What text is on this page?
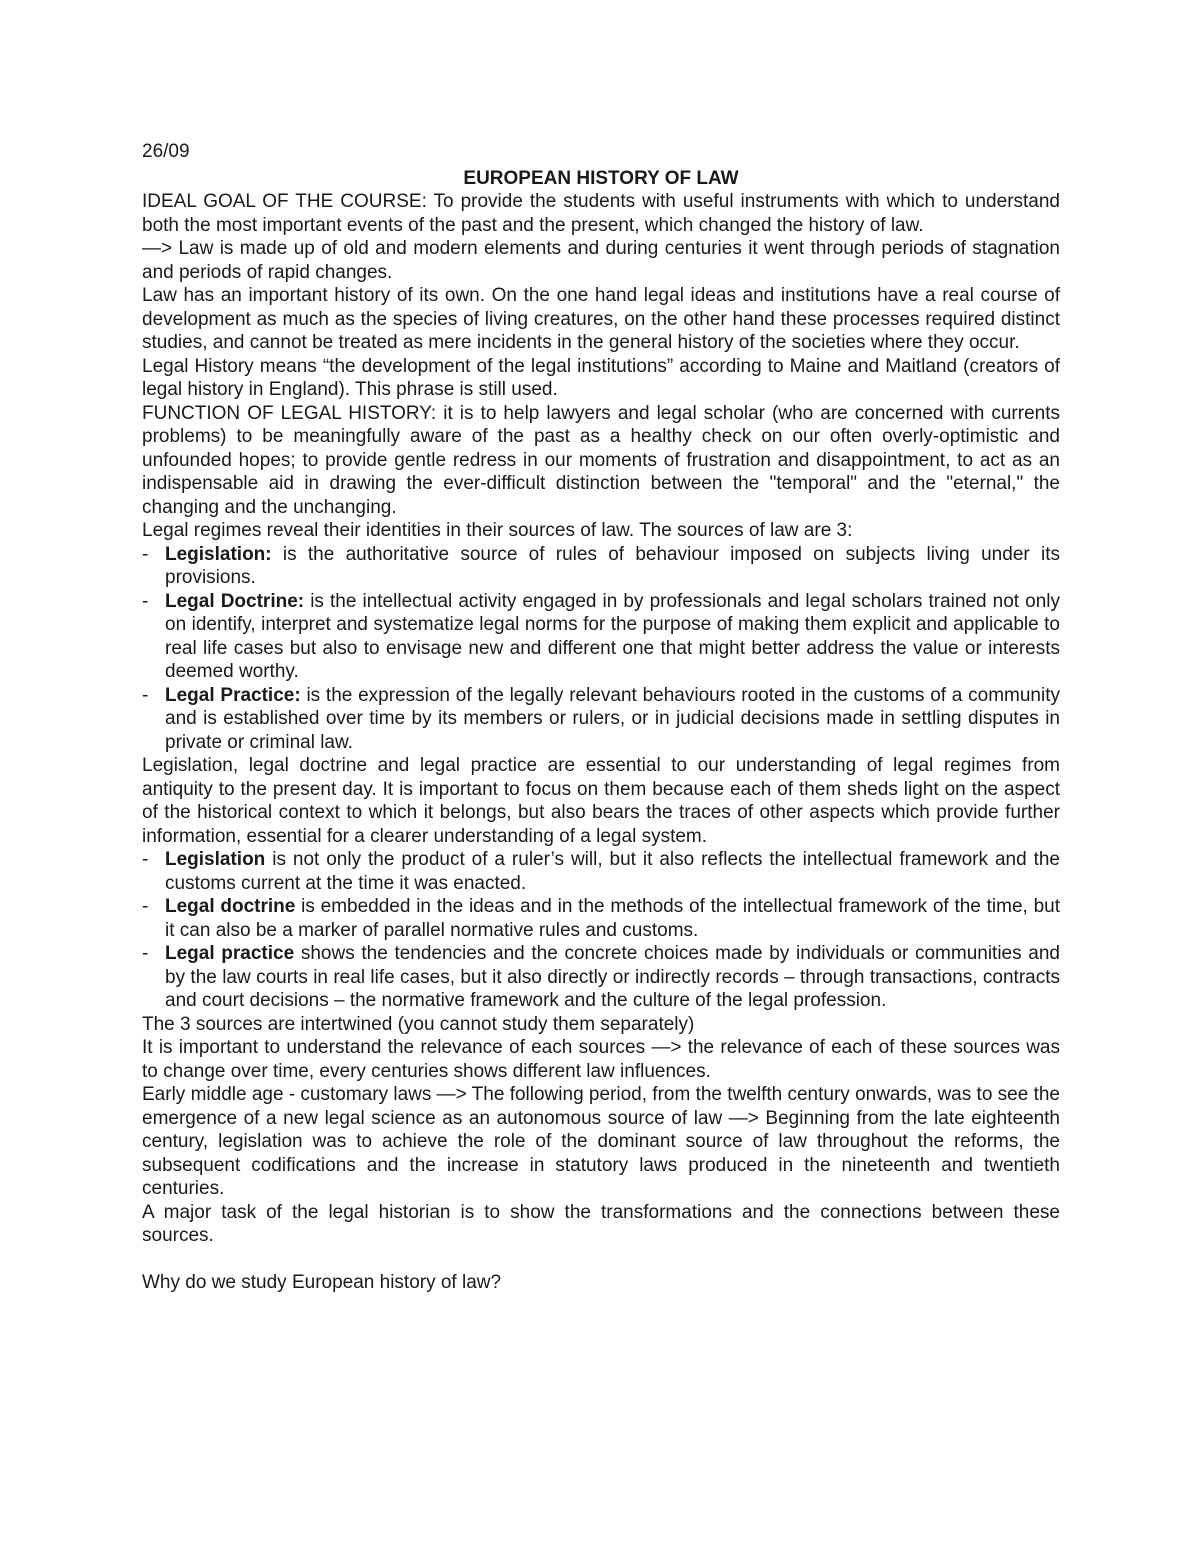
26/09
EUROPEAN HISTORY OF LAW

IDEAL GOAL OF THE COURSE: To provide the students with useful instruments with which to understand both the most important events of the past and the present, which changed the history of law.

—> Law is made up of old and modern elements and during centuries it went through periods of stagnation and periods of rapid changes.

Law has an important history of its own. On the one hand legal ideas and institutions have a real course of development as much as the species of living creatures, on the other hand these processes required distinct studies, and cannot be treated as mere incidents in the general history of the societies where they occur.

Legal History means “the development of the legal institutions” according to Maine and Maitland (creators of legal history in England). This phrase is still used.

FUNCTION OF LEGAL HISTORY: it is to help lawyers and legal scholar (who are concerned with currents problems) to be meaningfully aware of the past as a healthy check on our often overly-optimistic and unfounded hopes; to provide gentle redress in our moments of frustration and disappointment, to act as an indispensable aid in drawing the ever-difficult distinction between the "temporal" and the "eternal," the changing and the unchanging.

Legal regimes reveal their identities in their sources of law. The sources of law are 3:

- Legislation: is the authoritative source of rules of behaviour imposed on subjects living under its provisions.
- Legal Doctrine: is the intellectual activity engaged in by professionals and legal scholars trained not only on identify, interpret and systematize legal norms for the purpose of making them explicit and applicable to real life cases but also to envisage new and different one that might better address the value or interests deemed worthy.
- Legal Practice: is the expression of the legally relevant behaviours rooted in the customs of a community and is established over time by its members or rulers, or in judicial decisions made in settling disputes in private or criminal law.

Legislation, legal doctrine and legal practice are essential to our understanding of legal regimes from antiquity to the present day. It is important to focus on them because each of them sheds light on the aspect of the historical context to which it belongs, but also bears the traces of other aspects which provide further information, essential for a clearer understanding of a legal system.

- Legislation is not only the product of a ruler’s will, but it also reflects the intellectual framework and the customs current at the time it was enacted.
- Legal doctrine is embedded in the ideas and in the methods of the intellectual framework of the time, but it can also be a marker of parallel normative rules and customs.
- Legal practice shows the tendencies and the concrete choices made by individuals or communities and by the law courts in real life cases, but it also directly or indirectly records – through transactions, contracts and court decisions – the normative framework and the culture of the legal profession.

The 3 sources are intertwined (you cannot study them separately)

It is important to understand the relevance of each sources —> the relevance of each of these sources was to change over time, every centuries shows different law influences.

Early middle age - customary laws —> The following period, from the twelfth century onwards, was to see the emergence of a new legal science as an autonomous source of law —> Beginning from the late eighteenth century, legislation was to achieve the role of the dominant source of law throughout the reforms, the subsequent codifications and the increase in statutory laws produced in the nineteenth and twentieth centuries.

A major task of the legal historian is to show the transformations and the connections between these sources.

Why do we study European history of law?
